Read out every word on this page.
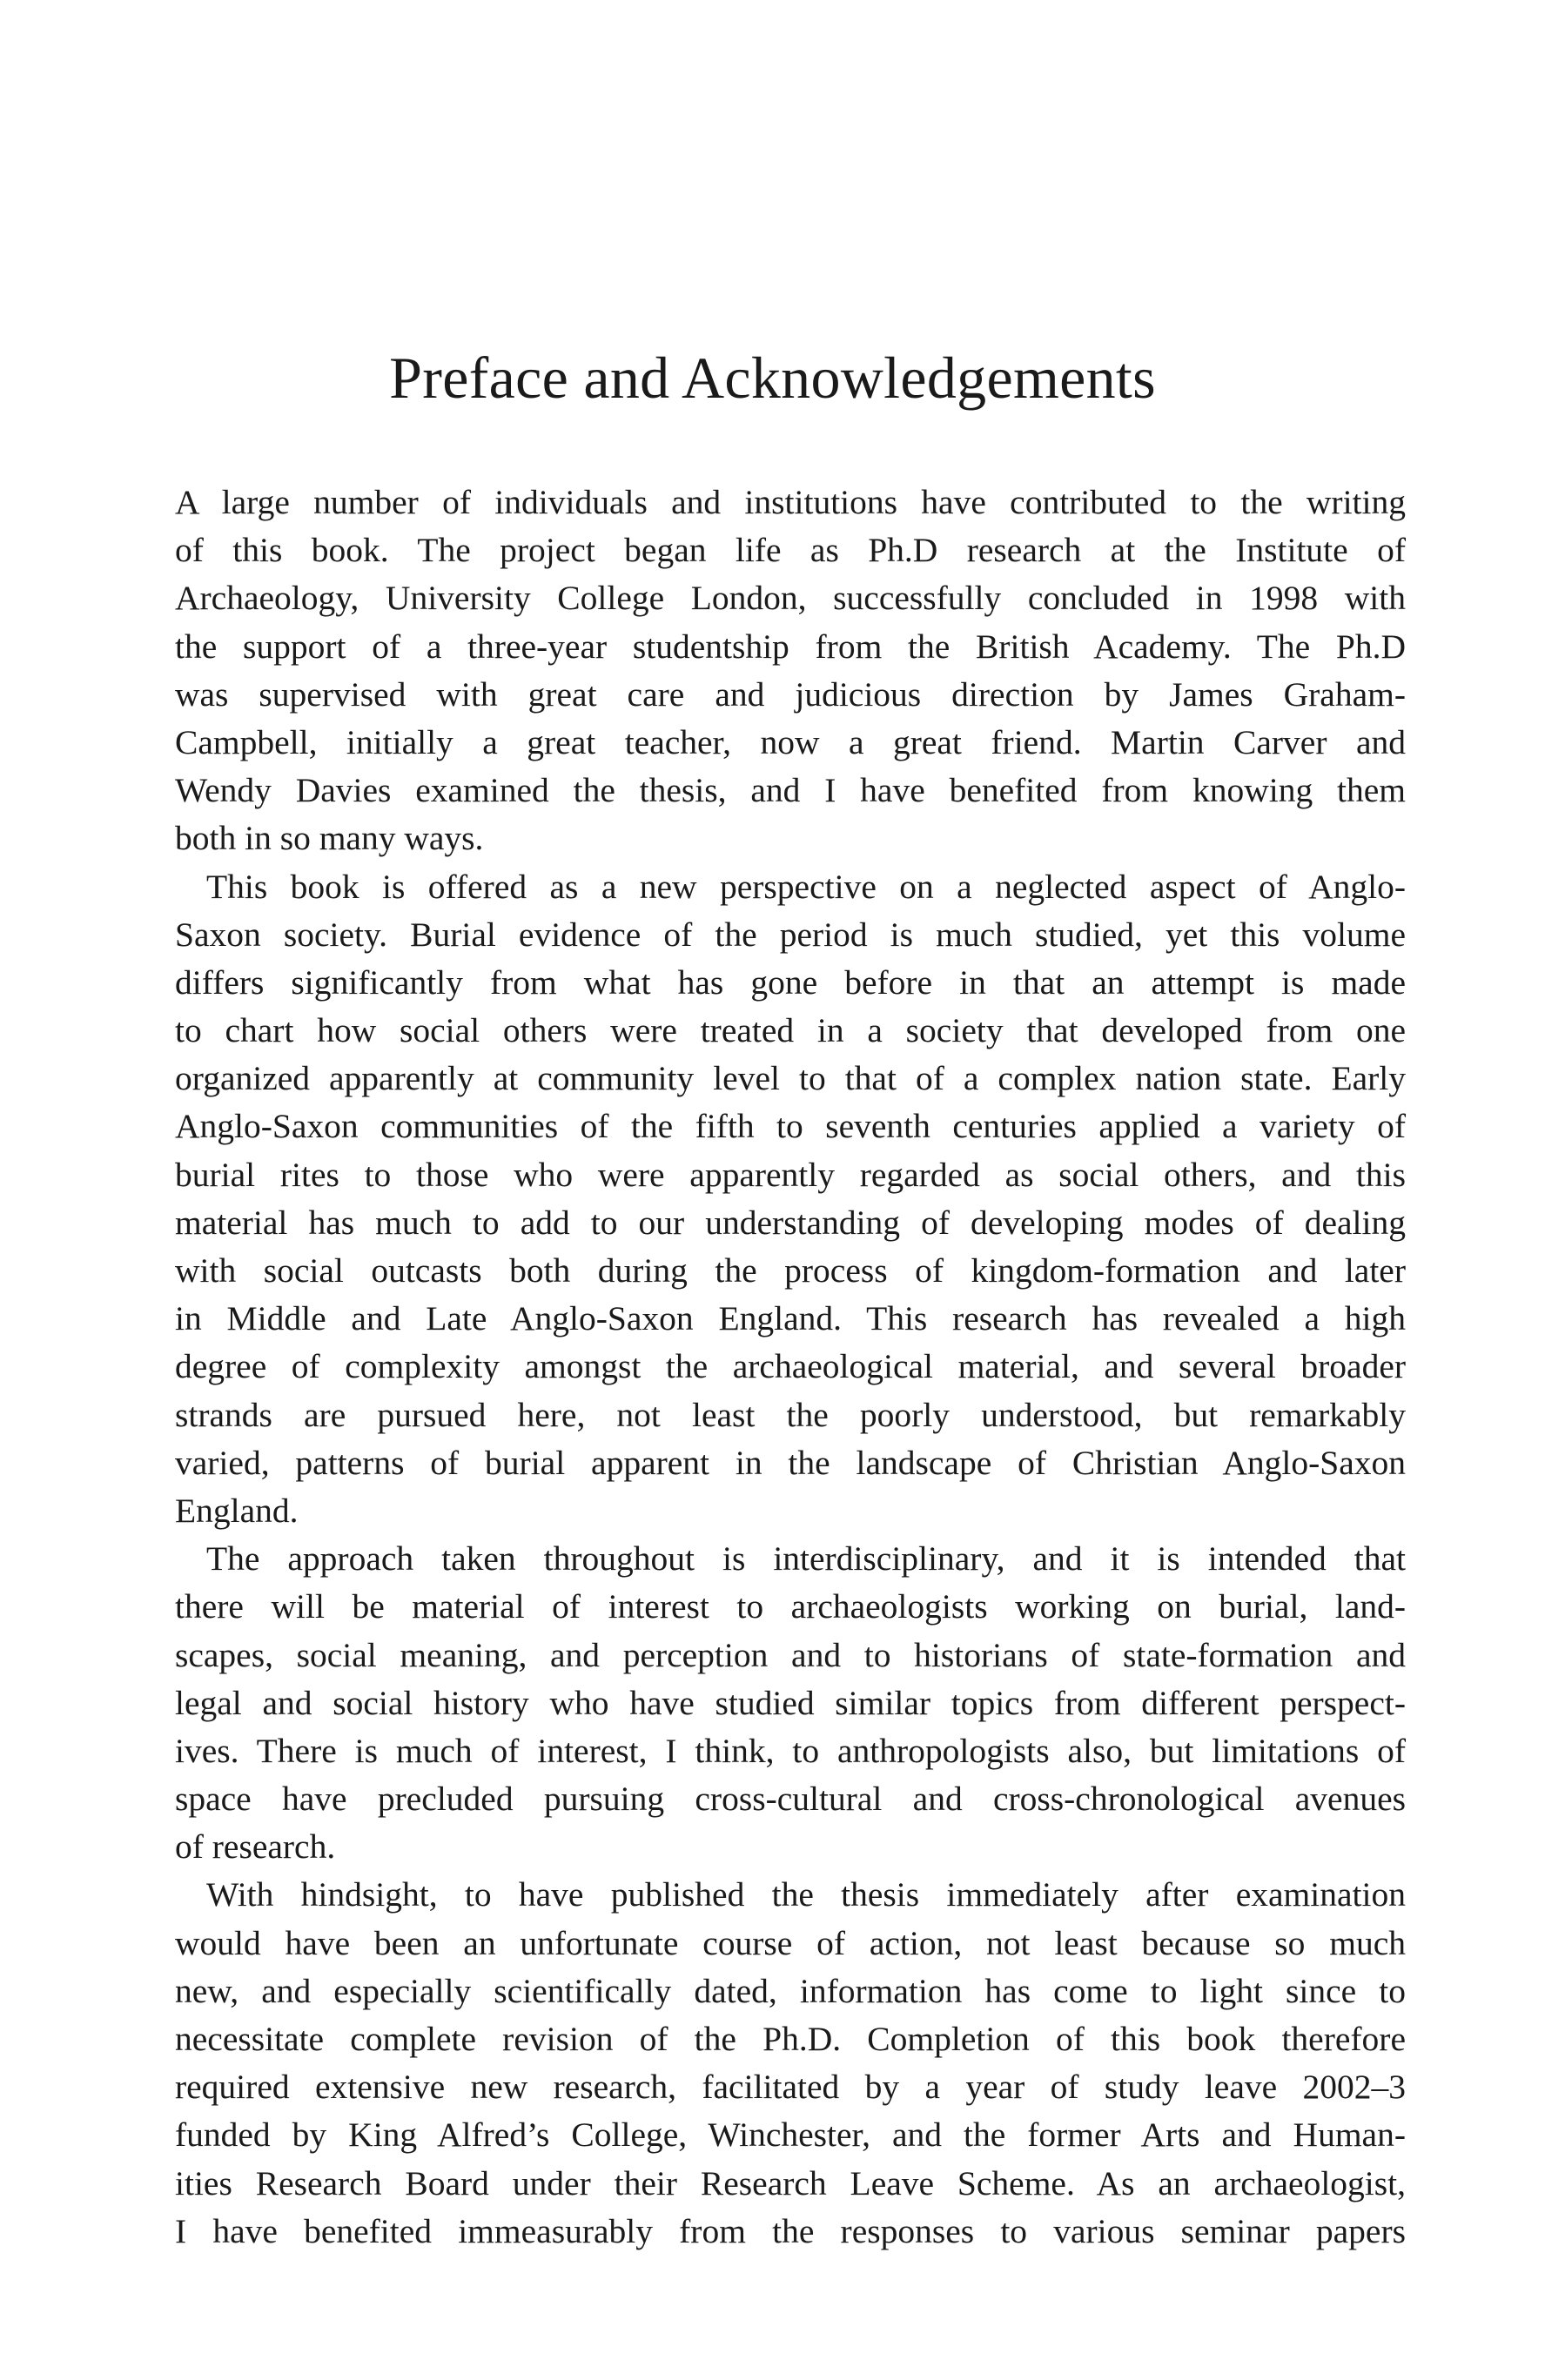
Preface and Acknowledgements
A large number of individuals and institutions have contributed to the writing
of this book. The project began life as Ph.D research at the Institute of
Archaeology, University College London, successfully concluded in 1998 with
the support of a three-year studentship from the British Academy. The Ph.D
was supervised with great care and judicious direction by James Graham-
Campbell, initially a great teacher, now a great friend. Martin Carver and
Wendy Davies examined the thesis, and I have benefited from knowing them
both in so many ways.
This book is offered as a new perspective on a neglected aspect of Anglo-
Saxon society. Burial evidence of the period is much studied, yet this volume
differs significantly from what has gone before in that an attempt is made
to chart how social others were treated in a society that developed from one
organized apparently at community level to that of a complex nation state. Early
Anglo-Saxon communities of the fifth to seventh centuries applied a variety of
burial rites to those who were apparently regarded as social others, and this
material has much to add to our understanding of developing modes of dealing
with social outcasts both during the process of kingdom-formation and later
in Middle and Late Anglo-Saxon England. This research has revealed a high
degree of complexity amongst the archaeological material, and several broader
strands are pursued here, not least the poorly understood, but remarkably
varied, patterns of burial apparent in the landscape of Christian Anglo-Saxon
England.
The approach taken throughout is interdisciplinary, and it is intended that
there will be material of interest to archaeologists working on burial, land-
scapes, social meaning, and perception and to historians of state-formation and
legal and social history who have studied similar topics from different perspect-
ives. There is much of interest, I think, to anthropologists also, but limitations of
space have precluded pursuing cross-cultural and cross-chronological avenues
of research.
With hindsight, to have published the thesis immediately after examination
would have been an unfortunate course of action, not least because so much
new, and especially scientifically dated, information has come to light since to
necessitate complete revision of the Ph.D. Completion of this book therefore
required extensive new research, facilitated by a year of study leave 2002–3
funded by King Alfred’s College, Winchester, and the former Arts and Human-
ities Research Board under their Research Leave Scheme. As an archaeologist,
I have benefited immeasurably from the responses to various seminar papers
